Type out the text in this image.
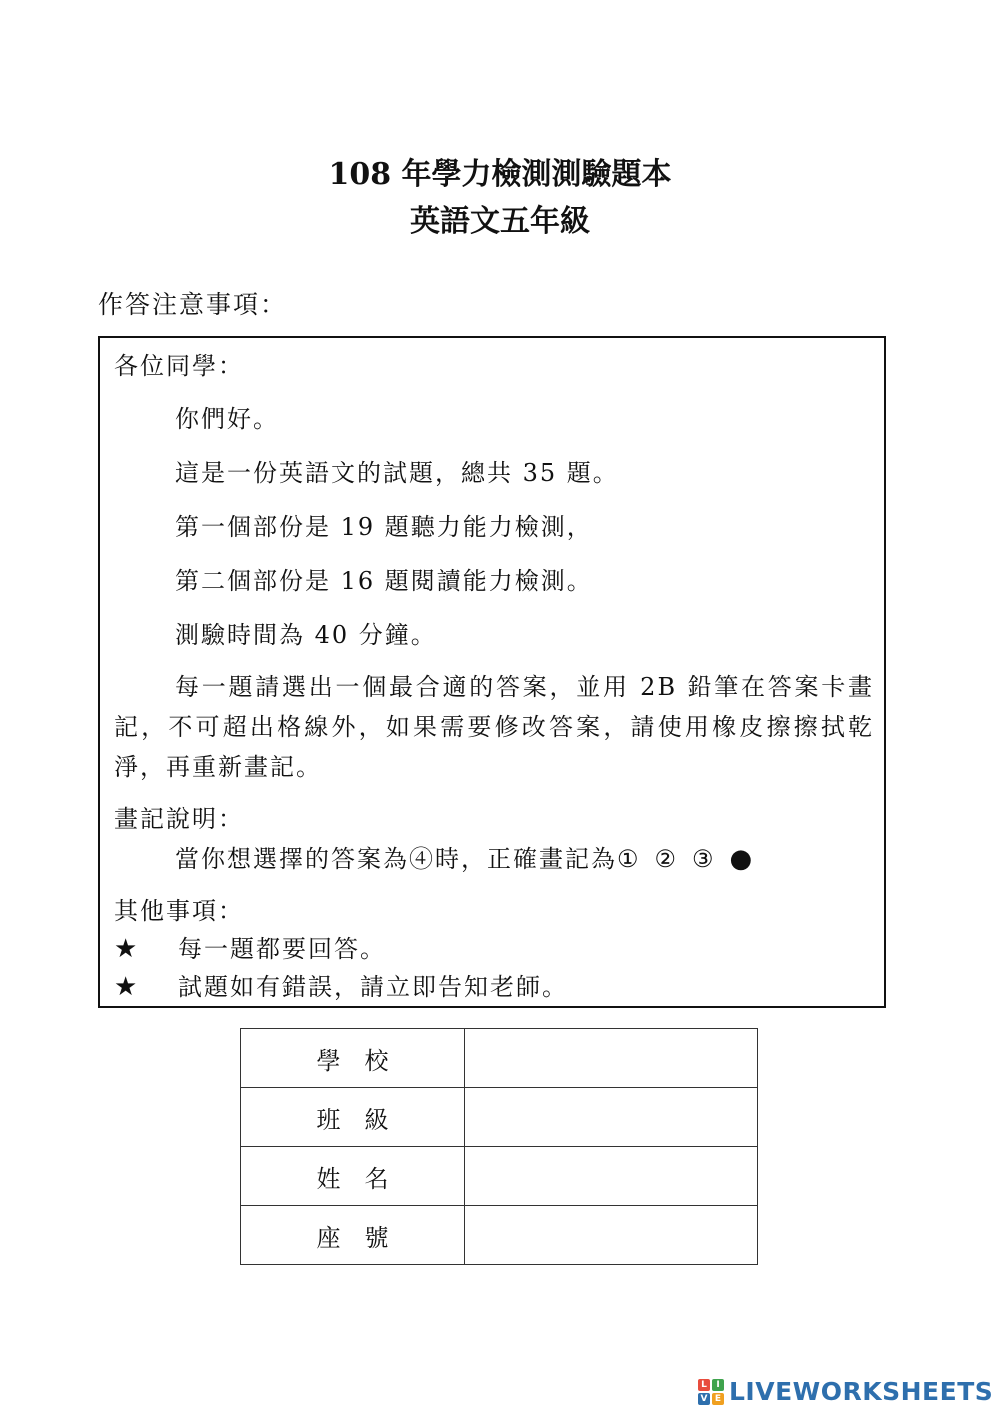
108 年學力檢測測驗題本
英語文五年級
作答注意事項：
各位同學：
你們好。
這是一份英語文的試題，總共 35 題。
第一個部份是 19 題聽力能力檢測，
第二個部份是 16 題閱讀能力檢測。
測驗時間為 40 分鐘。
每一題請選出一個最合適的答案，並用 2B 鉛筆在答案卡畫記，不可超出格線外，如果需要修改答案，請使用橡皮擦擦拭乾淨，再重新畫記。
畫記說明：
當你想選擇的答案為④時，正確畫記為① ② ③ ●
其他事項：
★ 每一題都要回答。
★ 試題如有錯誤，請立即告知老師。
學　校	
班　級	
姓　名	
座　號	
L	I
V E LIVEWORKSHEETS
